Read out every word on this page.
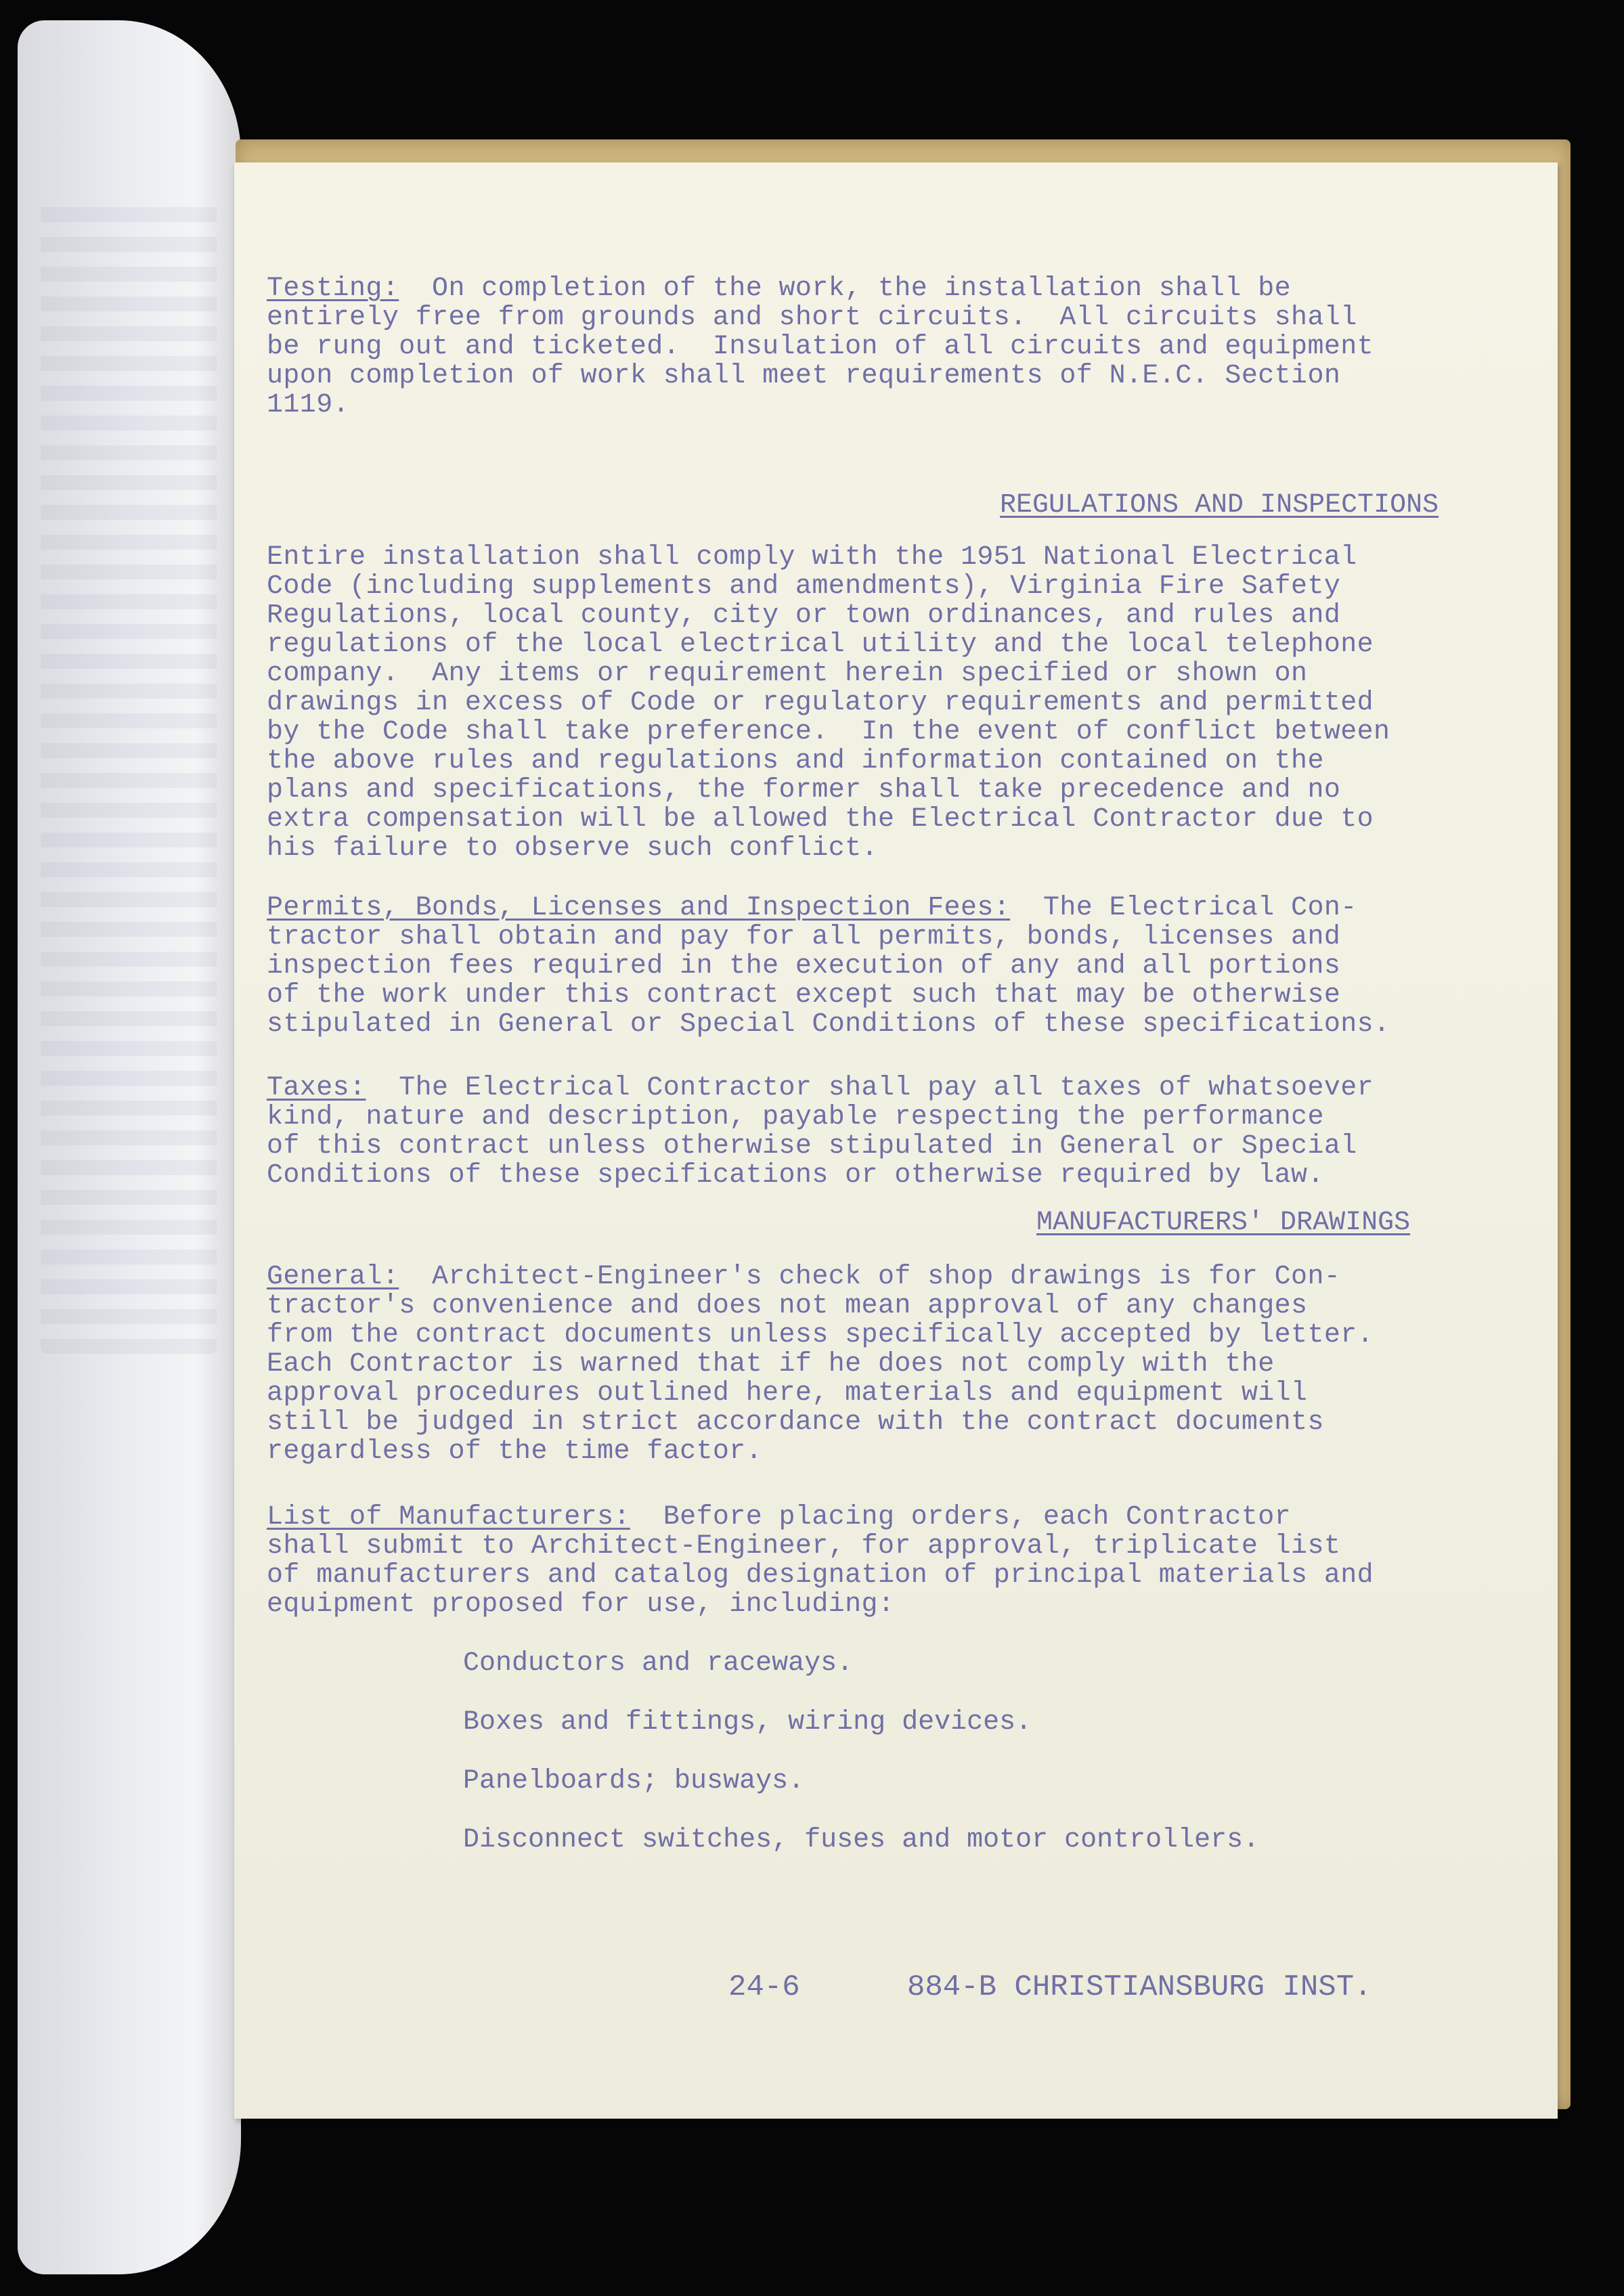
Testing:  On completion of the work, the installation shall be
entirely free from grounds and short circuits.  All circuits shall
be rung out and ticketed.  Insulation of all circuits and equipment
upon completion of work shall meet requirements of N.E.C. Section
1119.
REGULATIONS AND INSPECTIONS
Entire installation shall comply with the 1951 National Electrical
Code (including supplements and amendments), Virginia Fire Safety
Regulations, local county, city or town ordinances, and rules and
regulations of the local electrical utility and the local telephone
company.  Any items or requirement herein specified or shown on
drawings in excess of Code or regulatory requirements and permitted
by the Code shall take preference.  In the event of conflict between
the above rules and regulations and information contained on the
plans and specifications, the former shall take precedence and no
extra compensation will be allowed the Electrical Contractor due to
his failure to observe such conflict.
Permits, Bonds, Licenses and Inspection Fees:  The Electrical Con-
tractor shall obtain and pay for all permits, bonds, licenses and
inspection fees required in the execution of any and all portions
of the work under this contract except such that may be otherwise
stipulated in General or Special Conditions of these specifications.
Taxes:  The Electrical Contractor shall pay all taxes of whatsoever
kind, nature and description, payable respecting the performance
of this contract unless otherwise stipulated in General or Special
Conditions of these specifications or otherwise required by law.
MANUFACTURERS' DRAWINGS
General:  Architect-Engineer's check of shop drawings is for Con-
tractor's convenience and does not mean approval of any changes
from the contract documents unless specifically accepted by letter.
Each Contractor is warned that if he does not comply with the
approval procedures outlined here, materials and equipment will
still be judged in strict accordance with the contract documents
regardless of the time factor.
List of Manufacturers:  Before placing orders, each Contractor
shall submit to Architect-Engineer, for approval, triplicate list
of manufacturers and catalog designation of principal materials and
equipment proposed for use, including:
Conductors and raceways.
Boxes and fittings, wiring devices.
Panelboards; busways.
Disconnect switches, fuses and motor controllers.
24-6	884-B CHRISTIANSBURG INST.
